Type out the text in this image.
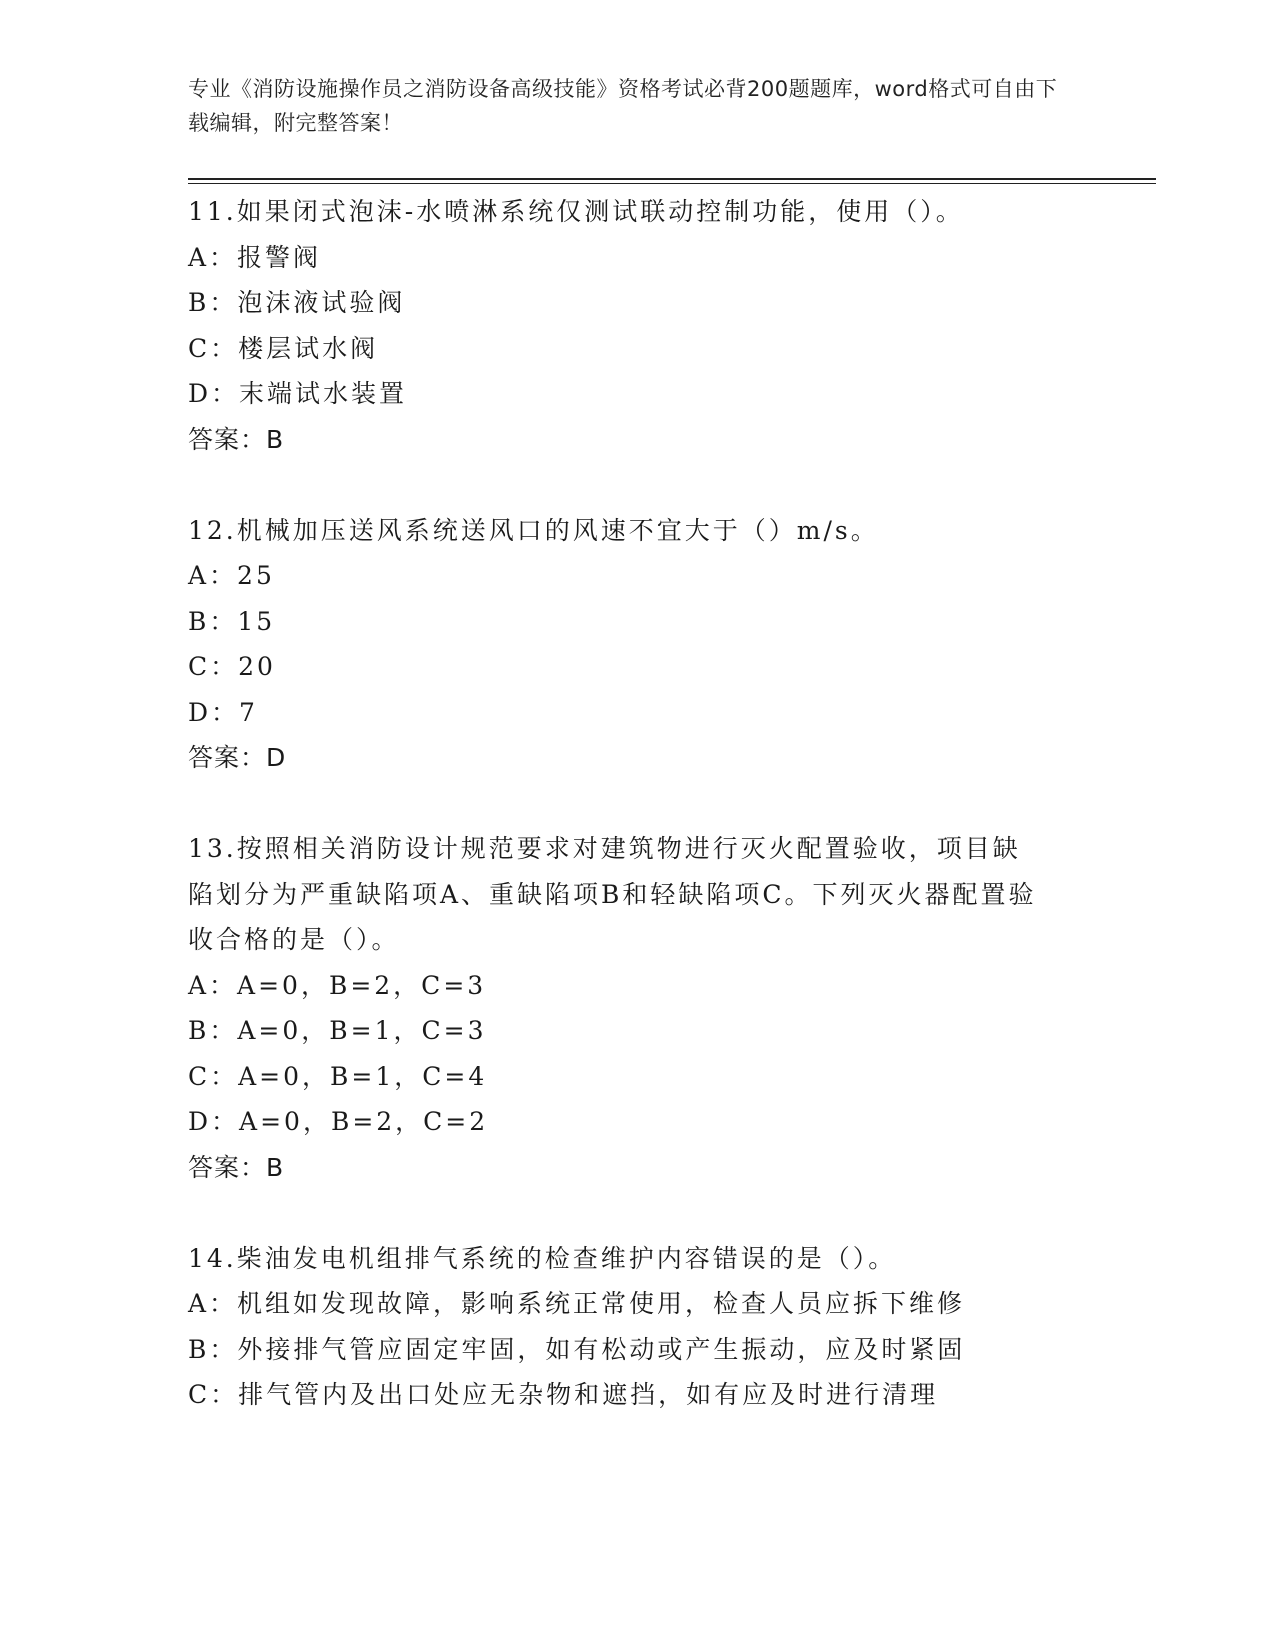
专业《消防设施操作员之消防设备高级技能》资格考试必背200题题库，word格式可自由下载编辑，附完整答案！

11.如果闭式泡沫-水喷淋系统仅测试联动控制功能，使用（）。

A：报警阀

B：泡沫液试验阀

C：楼层试水阀

D：末端试水装置

答案：B

12.机械加压送风系统送风口的风速不宜大于（）m/s。

A：25

B：15

C：20

D：7

答案：D

13.按照相关消防设计规范要求对建筑物进行灭火配置验收，项目缺陷划分为严重缺陷项A、重缺陷项B和轻缺陷项C。下列灭火器配置验收合格的是（）。

A：A=0，B=2，C=3

B：A=0，B=1，C=3

C：A=0，B=1，C=4

D：A=0，B=2，C=2

答案：B

14.柴油发电机组排气系统的检查维护内容错误的是（）。

A：机组如发现故障，影响系统正常使用，检查人员应拆下维修

B：外接排气管应固定牢固，如有松动或产生振动，应及时紧固

C：排气管内及出口处应无杂物和遮挡，如有应及时进行清理
